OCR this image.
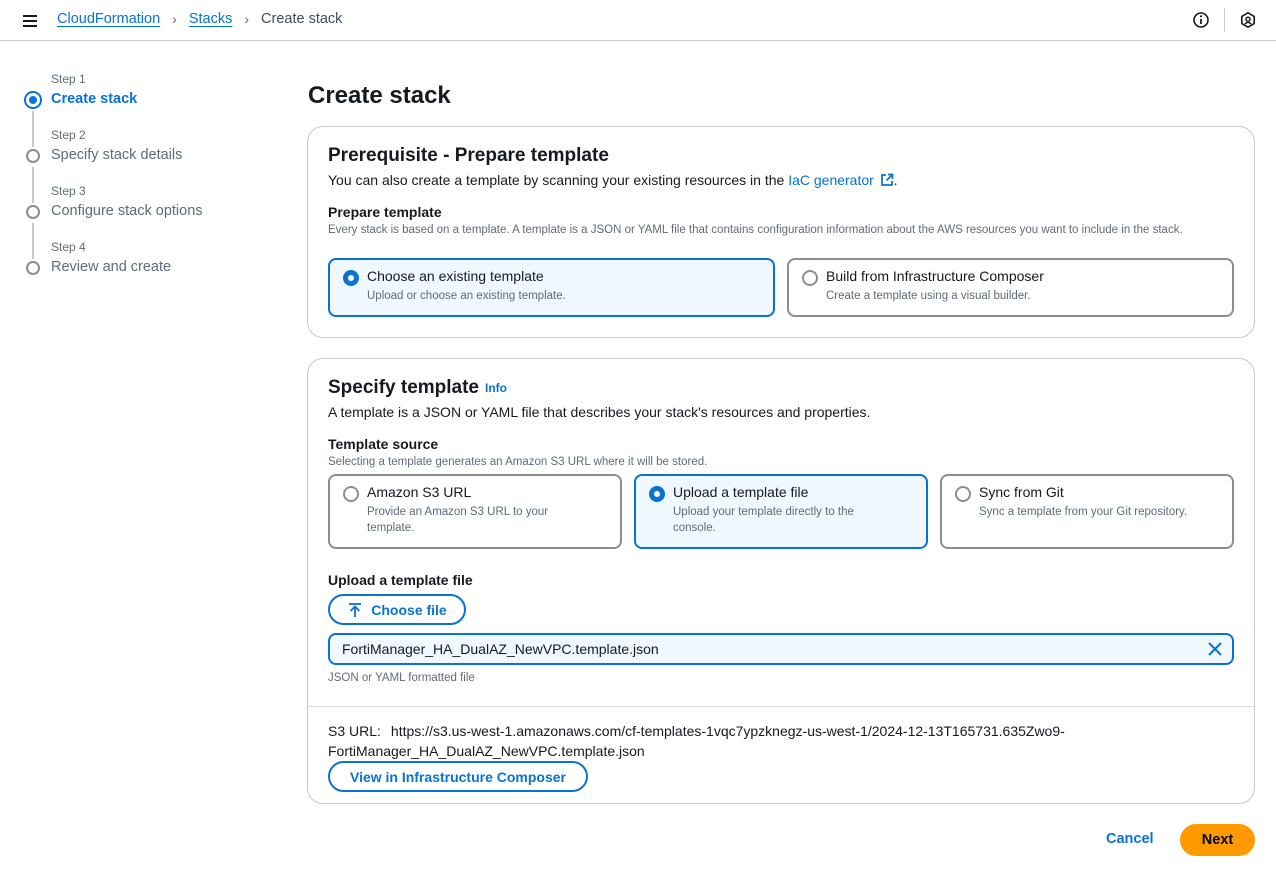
CloudFormation › Stacks › Create stack
Step 1
Create stack
Step 2
Specify stack details
Step 3
Configure stack options
Step 4
Review and create
Create stack
Prerequisite - Prepare template
You can also create a template by scanning your existing resources in the IaC generator .
Prepare template
Every stack is based on a template. A template is a JSON or YAML file that contains configuration information about the AWS resources you want to include in the stack.
Choose an existing template
Upload or choose an existing template.
Build from Infrastructure Composer
Create a template using a visual builder.
Specify template Info
A template is a JSON or YAML file that describes your stack's resources and properties.
Template source
Selecting a template generates an Amazon S3 URL where it will be stored.
Amazon S3 URL
Provide an Amazon S3 URL to your
template.
Upload a template file
Upload your template directly to the
console.
Sync from Git
Sync a template from your Git repository.
Upload a template file
Choose file
FortiManager_HA_DualAZ_NewVPC.template.json
JSON or YAML formatted file
S3 URL: https://s3.us-west-1.amazonaws.com/cf-templates-1vqc7ypzknegz-us-west-1/2024-12-13T165731.635Zwo9-FortiManager_HA_DualAZ_NewVPC.template.json
View in Infrastructure Composer
Cancel	Next
